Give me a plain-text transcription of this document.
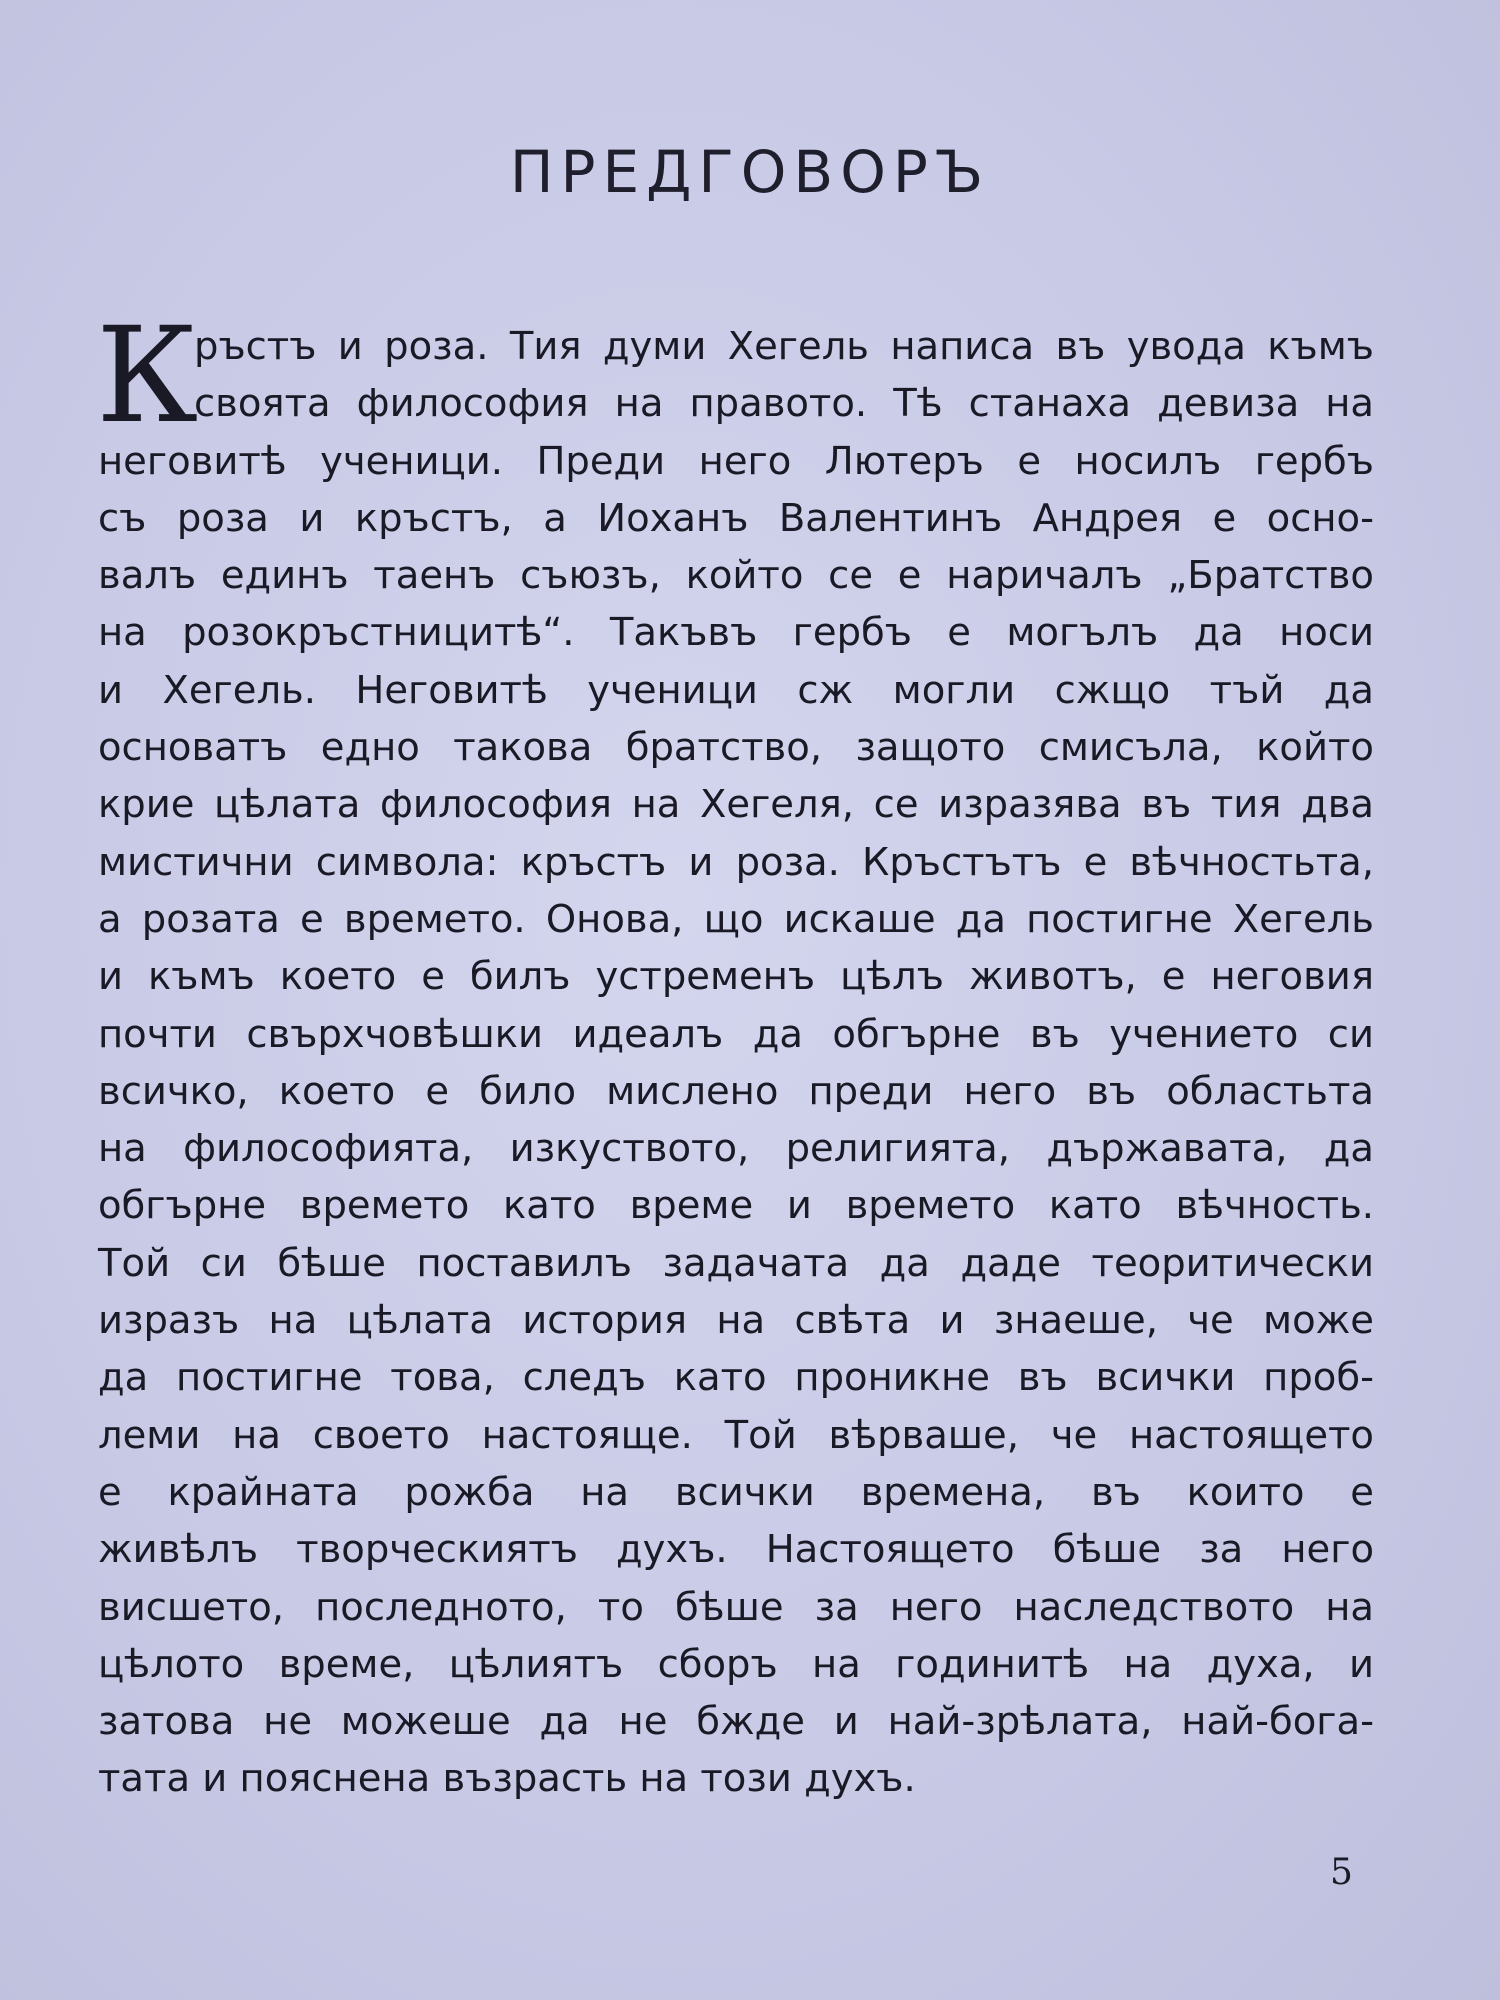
ПРЕДГОВОРЪ
К
ръстъ и роза. Тия думи Хегель написа въ увода къмъ
своята философия на правото. Тѣ станаха девиза на
неговитѣ ученици. Преди него Лютеръ е носилъ гербъ
съ роза и кръстъ, а Иоханъ Валентинъ Андрея е осно-
валъ единъ таенъ съюзъ, който се е наричалъ „Братство
на розокръстницитѣ“. Такъвъ гербъ е могълъ да носи
и Хегель. Неговитѣ ученици сж могли сжщо тъй да
основатъ едно такова братство, защото смисъла, който
крие цѣлата философия на Хегеля, се изразява въ тия два
мистични символа: кръстъ и роза. Кръстътъ е вѣчностьта,
а розата е времето. Онова, що искаше да постигне Хегель
и къмъ което е билъ устременъ цѣлъ животъ, е неговия
почти свърхчовѣшки идеалъ да обгърне въ учението си
всичко, което е било мислено преди него въ областьта
на философията, изкуството, религията, държавата, да
обгърне времето като време и времето като вѣчность.
Той си бѣше поставилъ задачата да даде теоритически
изразъ на цѣлата история на свѣта и знаеше, че може
да постигне това, следъ като проникне въ всички проб-
леми на своето настояще. Той вѣрваше, че настоящето
е крайната рожба на всички времена, въ които е
живѣлъ творческиятъ духъ. Настоящето бѣше за него
висшето, последното, то бѣше за него наследството на
цѣлото време, цѣлиятъ сборъ на годинитѣ на духа, и
затова не можеше да не бжде и най-зрѣлата, най-бога-
тата и пояснена възрасть на този духъ.
5
